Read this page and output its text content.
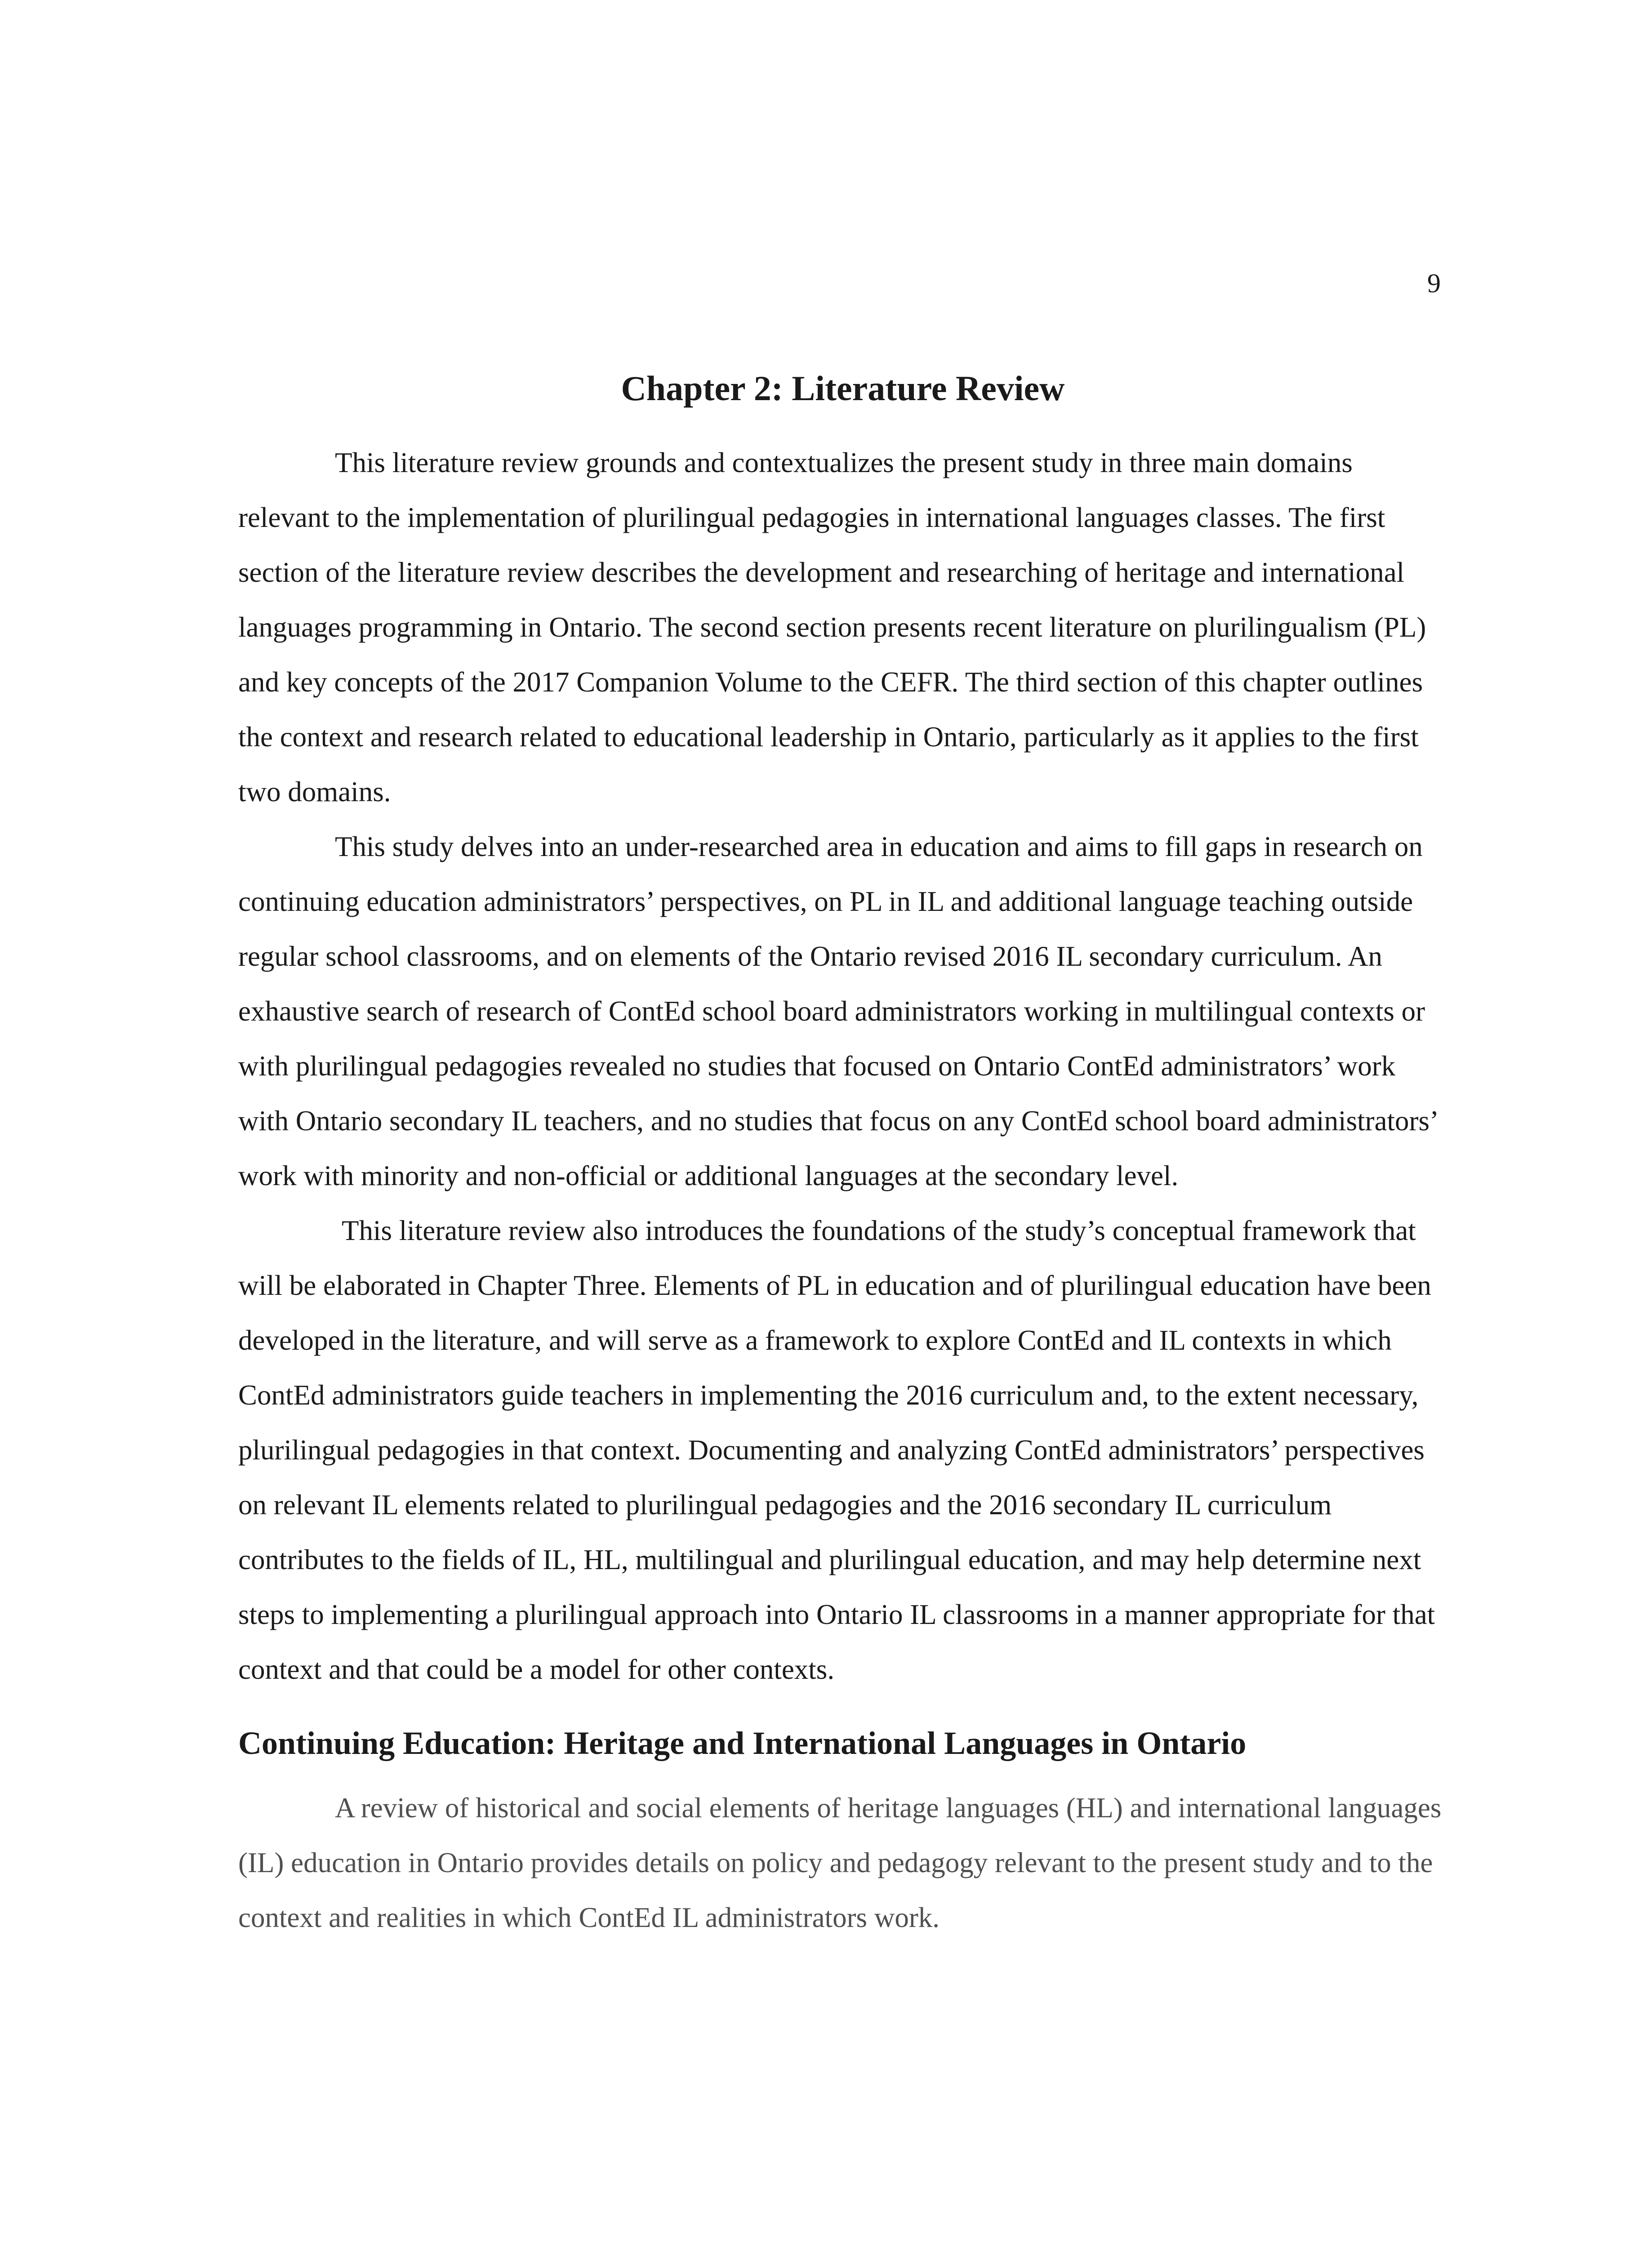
9
Chapter 2: Literature Review

This literature review grounds and contextualizes the present study in three main domains relevant to the implementation of plurilingual pedagogies in international languages classes. The first section of the literature review describes the development and researching of heritage and international languages programming in Ontario. The second section presents recent literature on plurilingualism (PL) and key concepts of the 2017 Companion Volume to the CEFR. The third section of this chapter outlines the context and research related to educational leadership in Ontario, particularly as it applies to the first two domains.

This study delves into an under-researched area in education and aims to fill gaps in research on continuing education administrators’ perspectives, on PL in IL and additional language teaching outside regular school classrooms, and on elements of the Ontario revised 2016 IL secondary curriculum. An exhaustive search of research of ContEd school board administrators working in multilingual contexts or with plurilingual pedagogies revealed no studies that focused on Ontario ContEd administrators’ work with Ontario secondary IL teachers, and no studies that focus on any ContEd school board administrators’ work with minority and non-official or additional languages at the secondary level.

This literature review also introduces the foundations of the study’s conceptual framework that will be elaborated in Chapter Three. Elements of PL in education and of plurilingual education have been developed in the literature, and will serve as a framework to explore ContEd and IL contexts in which ContEd administrators guide teachers in implementing the 2016 curriculum and, to the extent necessary, plurilingual pedagogies in that context. Documenting and analyzing ContEd administrators’ perspectives on relevant IL elements related to plurilingual pedagogies and the 2016 secondary IL curriculum contributes to the fields of IL, HL, multilingual and plurilingual education, and may help determine next steps to implementing a plurilingual approach into Ontario IL classrooms in a manner appropriate for that context and that could be a model for other contexts.

Continuing Education: Heritage and International Languages in Ontario

A review of historical and social elements of heritage languages (HL) and international languages (IL) education in Ontario provides details on policy and pedagogy relevant to the present study and to the context and realities in which ContEd IL administrators work.
